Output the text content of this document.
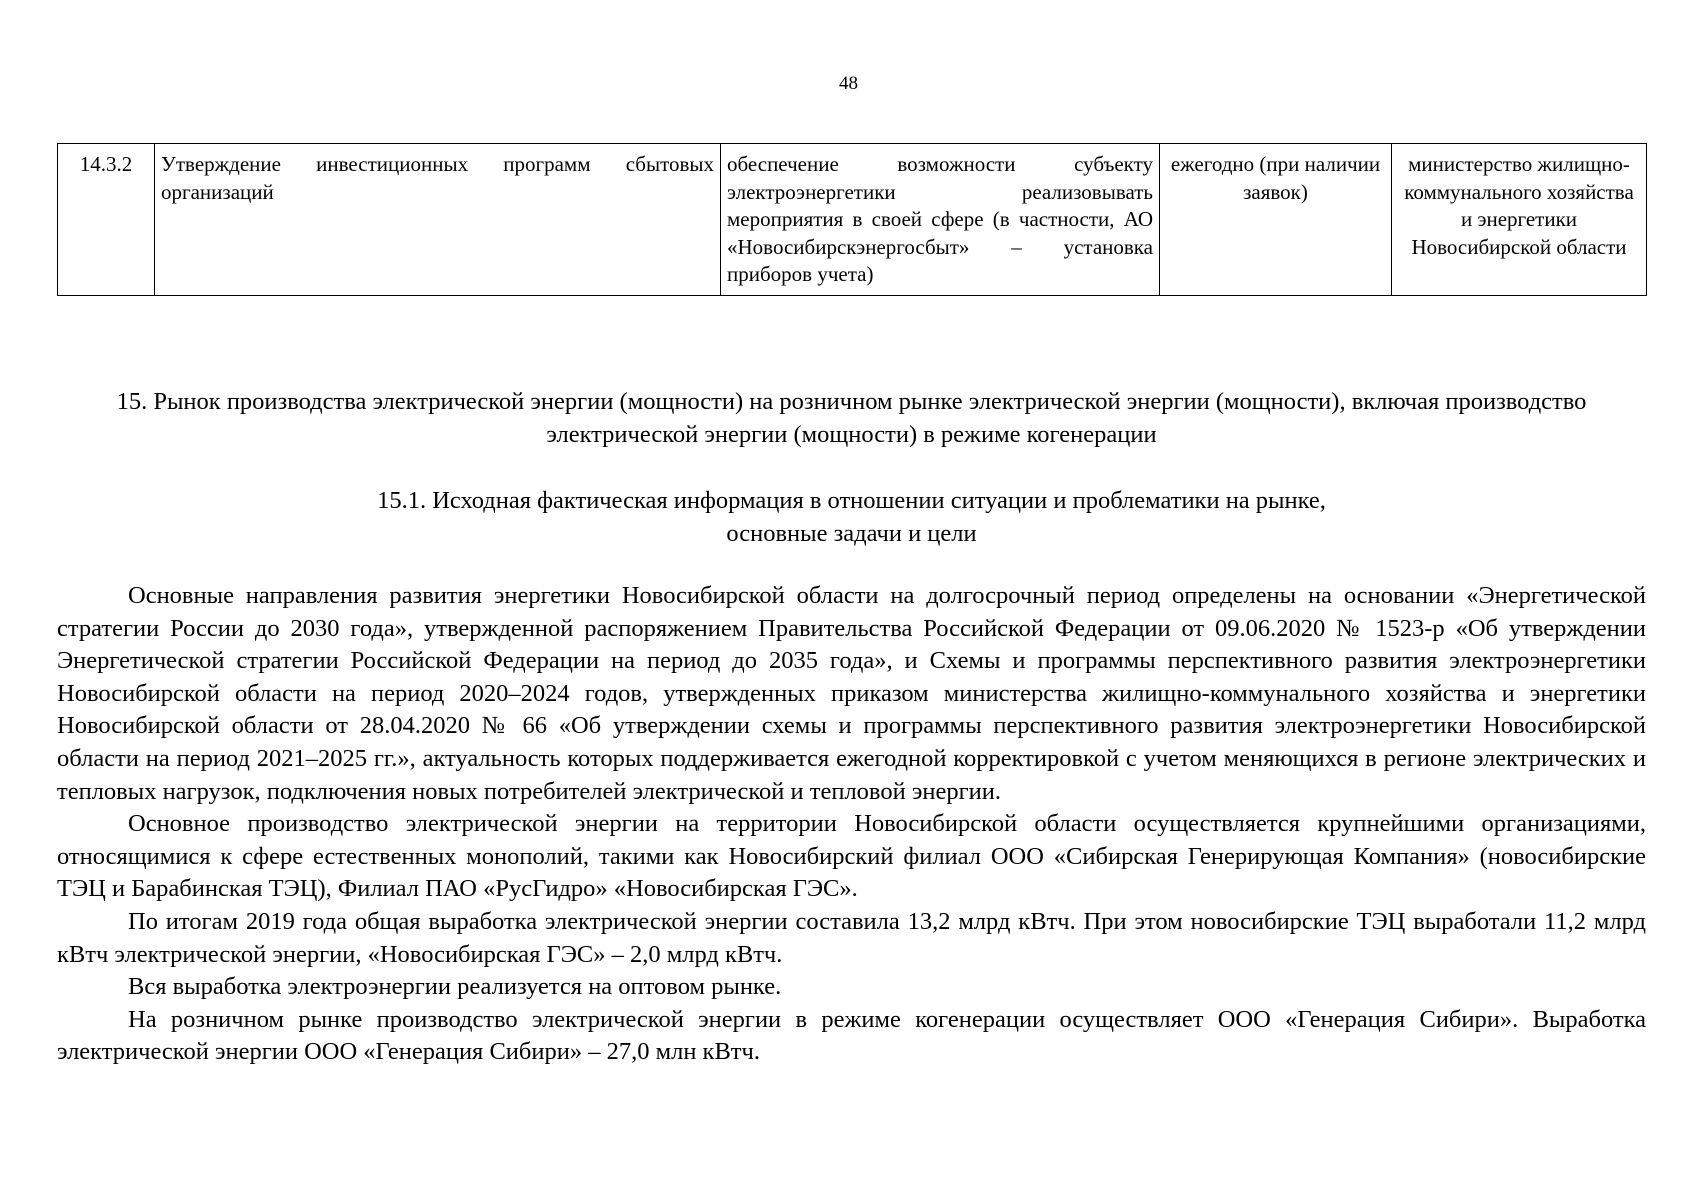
48
14.3.2	Утверждение инвестиционных программ сбытовых организаций	обеспечение возможности субъекту электроэнергетики реализовывать мероприятия в своей сфере (в частности, АО «Новосибирскэнергосбыт» – установка приборов учета)	ежегодно (при наличии заявок)	министерство жилищно-коммунального хозяйства и энергетики Новосибирской области
15. Рынок производства электрической энергии (мощности) на розничном рынке электрической энергии (мощности), включая производство электрической энергии (мощности) в режиме когенерации
15.1. Исходная фактическая информация в отношении ситуации и проблематики на рынке,
основные задачи и цели

Основные направления развития энергетики Новосибирской области на долгосрочный период определены на основании «Энергетической стратегии России до 2030 года», утвержденной распоряжением Правительства Российской Федерации от 09.06.2020 № 1523-р «Об утверждении Энергетической стратегии Российской Федерации на период до 2035 года», и Схемы и программы перспективного развития электроэнергетики Новосибирской области на период 2020–2024 годов, утвержденных приказом министерства жилищно-коммунального хозяйства и энергетики Новосибирской области от 28.04.2020 № 66 «Об утверждении схемы и программы перспективного развития электроэнергетики Новосибирской области на период 2021–2025 гг.», актуальность которых поддерживается ежегодной корректировкой с учетом меняющихся в регионе электрических и тепловых нагрузок, подключения новых потребителей электрической и тепловой энергии.

Основное производство электрической энергии на территории Новосибирской области осуществляется крупнейшими организациями, относящимися к сфере естественных монополий, такими как Новосибирский филиал ООО «Сибирская Генерирующая Компания» (новосибирские ТЭЦ и Барабинская ТЭЦ), Филиал ПАО «РусГидро» «Новосибирская ГЭС».

По итогам 2019 года общая выработка электрической энергии составила 13,2 млрд кВтч. При этом новосибирские ТЭЦ выработали 11,2 млрд кВтч электрической энергии, «Новосибирская ГЭС» – 2,0 млрд кВтч.

Вся выработка электроэнергии реализуется на оптовом рынке.

На розничном рынке производство электрической энергии в режиме когенерации осуществляет ООО «Генерация Сибири». Выработка электрической энергии ООО «Генерация Сибири» – 27,0 млн кВтч.
